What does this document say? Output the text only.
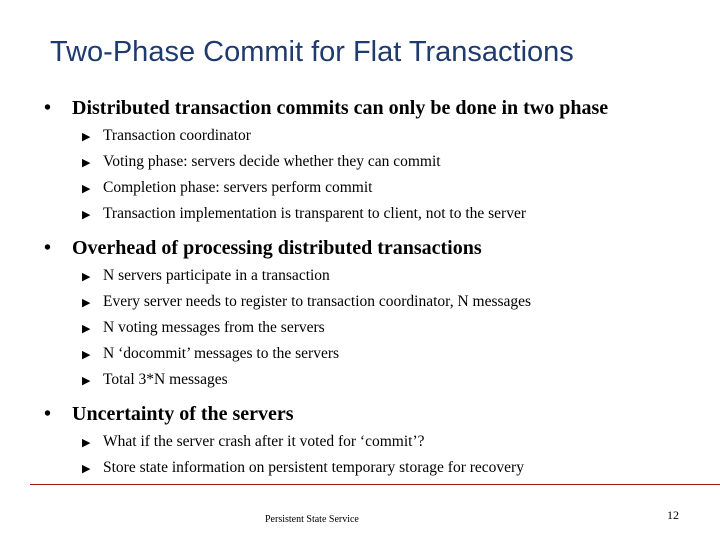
Two-Phase Commit for Flat Transactions
•	Distributed transaction commits can only be done in two phase
▶ Transaction coordinator
▶ Voting phase: servers decide whether they can commit
▶ Completion phase: servers perform commit
▶ Transaction implementation is transparent to client, not to the server
•	Overhead of processing distributed transactions
▶ N servers participate in a transaction
▶ Every server needs to register to transaction coordinator, N messages
▶ N voting messages from the servers
▶ N ‘docommit’ messages to the servers
▶ Total 3*N messages
•	Uncertainty of the servers
▶ What if the server crash after it voted for ‘commit’?
▶ Store state information on persistent temporary storage for recovery
Persistent State Service	12
